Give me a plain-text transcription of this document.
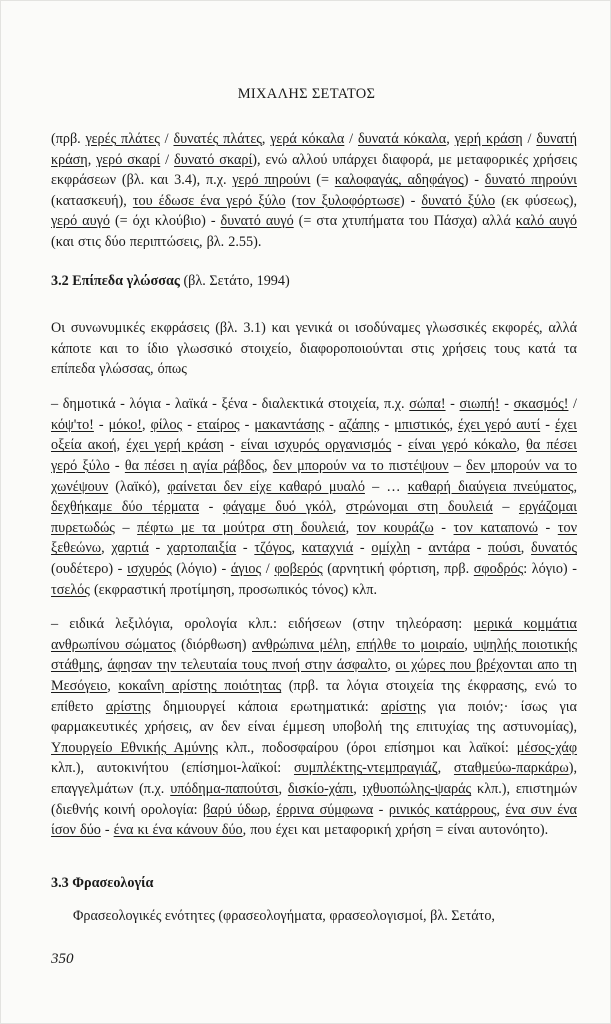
ΜΙΧΑΛΗΣ ΣΕΤΑΤΟΣ

(πρβ. γερές πλάτες / δυνατές πλάτες, γερά κόκαλα / δυνατά κόκαλα, γερή κράση / δυνατή κράση, γερό σκαρί / δυνατό σκαρί), ενώ αλλού υπάρχει διαφορά, με μεταφορικές χρήσεις εκφράσεων (βλ. και 3.4), π.χ. γερό πηρούνι (= καλοφαγάς, αδηφάγος) - δυνατό πηρούνι (κατασκευή), του έδωσε ένα γερό ξύλο (τον ξυλοφόρτωσε) - δυνατό ξύλο (εκ φύσεως), γερό αυγό (= όχι κλούβιο) - δυνατό αυγό (= στα χτυπήματα του Πάσχα) αλλά καλό αυγό (και στις δύο περιπτώσεις, βλ. 2.55).

3.2 Επίπεδα γλώσσας (βλ. Σετάτο, 1994)

Οι συνωνυμικές εκφράσεις (βλ. 3.1) και γενικά οι ισοδύναμες γλωσσικές εκφορές, αλλά κάποτε και το ίδιο γλωσσικό στοιχείο, διαφοροποιούνται στις χρήσεις τους κατά τα επίπεδα γλώσσας, όπως

– δημοτικά - λόγια - λαϊκά - ξένα - διαλεκτικά στοιχεία, π.χ. σώπα! - σιωπή! - σκασμός! / κόψ'το! - μόκο!, φίλος - εταίρος - μακαντάσης - αζάπης - μπιστικός, έχει γερό αυτί - έχει οξεία ακοή, έχει γερή κράση - είναι ισχυρός οργανισμός - είναι γερό κόκαλο, θα πέσει γερό ξύλο - θα πέσει η αγία ράβδος, δεν μπορούν να το πιστέψουν – δεν μπορούν να το χωνέψουν (λαϊκό), φαίνεται δεν είχε καθαρό μυαλό – … καθαρή διαύγεια πνεύματος, δεχθήκαμε δύο τέρματα - φάγαμε δυό γκόλ, στρώνομαι στη δουλειά – εργάζομαι πυρετωδώς – πέφτω με τα μούτρα στη δουλειά, τον κουράζω - τον καταπονώ - τον ξεθεώνω, χαρτιά - χαρτοπαιξία - τζόγος, καταχνιά - ομίχλη - αντάρα - πούσι, δυνατός (ουδέτερο) - ισχυρός (λόγιο) - άγιος / φοβερός (αρνητική φόρτιση, πρβ. σφοδρός: λόγιο) - τσελός (εκφραστική προτίμηση, προσωπικός τόνος) κλπ.

– ειδικά λεξιλόγια, ορολογία κλπ.: ειδήσεων (στην τηλεόραση: μερικά κομμάτια ανθρωπίνου σώματος (διόρθωση) ανθρώπινα μέλη, επήλθε το μοιραίο, υψηλής ποιοτικής στάθμης, άφησαν την τελευταία τους πνοή στην άσφαλτο, οι χώρες που βρέχονται απο τη Μεσόγειο, κοκαΐνη αρίστης ποιότητας (πρβ. τα λόγια στοιχεία της έκφρασης, ενώ το επίθετο αρίστης δημιουργεί κάποια ερωτηματικά: αρίστης για ποιόν;· ίσως για φαρμακευτικές χρήσεις, αν δεν είναι έμμεση υποβολή της επιτυχίας της αστυνομίας), Υπουργείο Εθνικής Αμύνης κλπ., ποδοσφαίρου (όροι επίσημοι και λαϊκοί: μέσος-χάφ κλπ.), αυτοκινήτου (επίσημοι-λαϊκοί: συμπλέκτης-ντεμπραγιάζ, σταθμεύω-παρκάρω), επαγγελμάτων (π.χ. υπόδημα-παπούτσι, δισκίο-χάπι, ιχθυοπώλης-ψαράς κλπ.), επιστημών (διεθνής κοινή ορολογία: βαρύ ύδωρ, έρρινα σύμφωνα - ρινικός κατάρρους, ένα συν ένα ίσον δύο - ένα κι ένα κάνουν δύο, που έχει και μεταφορική χρήση = είναι αυτονόητο).

3.3 Φρασεολογία

Φρασεολογικές ενότητες (φρασεολογήματα, φρασεολογισμοί, βλ. Σετάτο,
350
